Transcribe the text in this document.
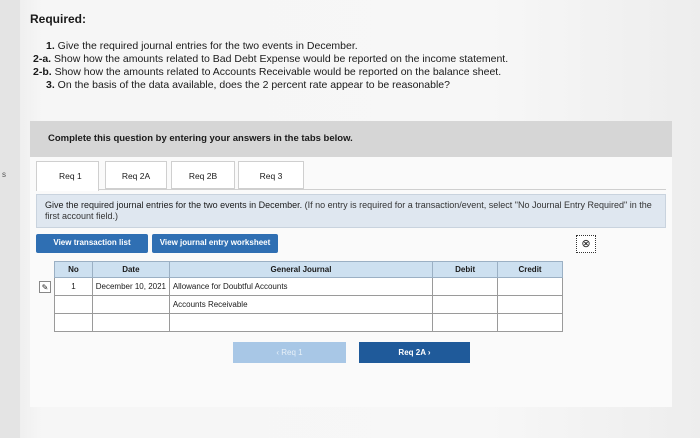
s
Required:
1. Give the required journal entries for the two events in December.
2-a. Show how the amounts related to Bad Debt Expense would be reported on the income statement.
2-b. Show how the amounts related to Accounts Receivable would be reported on the balance sheet.
3. On the basis of the data available, does the 2 percent rate appear to be reasonable?
Complete this question by entering your answers in the tabs below.
Req 1	Req 2A	Req 2B	Req 3
Give the required journal entries for the two events in December. (If no entry is required for a transaction/event, select "No Journal Entry Required" in the first account field.)
View transaction list	View journal entry worksheet	⊗
✎
No	Date	General Journal	Debit	Credit
1	December 10, 2021	Allowance for Doubtful Accounts		
		Accounts Receivable		

‹ Req 1	Req 2A ›
